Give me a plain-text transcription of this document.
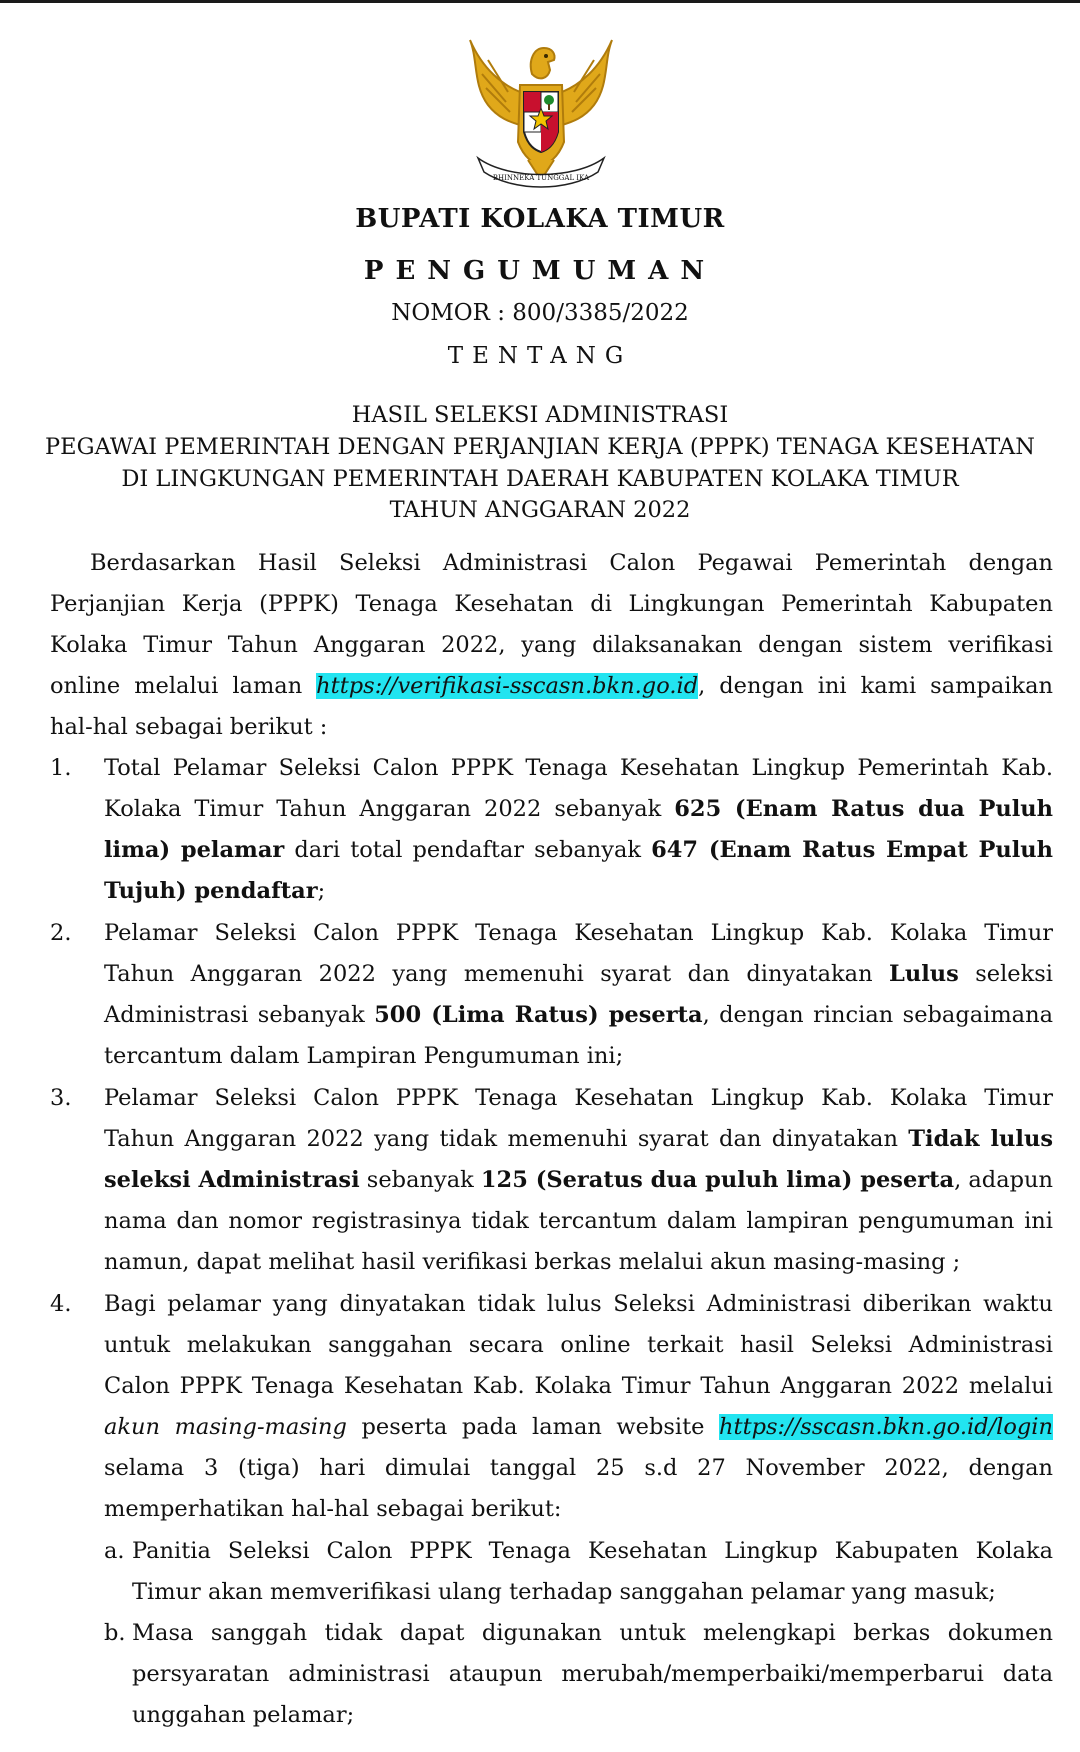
BHINNEKA TUNGGAL IKA
BUPATI KOLAKA TIMUR
PENGUMUMAN
NOMOR : 800/3385/2022
TENTANG
HASIL SELEKSI ADMINISTRASI
PEGAWAI PEMERINTAH DENGAN PERJANJIAN KERJA (PPPK) TENAGA KESEHATAN
DI LINGKUNGAN PEMERINTAH DAERAH KABUPATEN KOLAKA TIMUR
TAHUN ANGGARAN 2022
Berdasarkan Hasil Seleksi Administrasi Calon Pegawai Pemerintah dengan
Perjanjian Kerja (PPPK) Tenaga Kesehatan di Lingkungan Pemerintah Kabupaten
Kolaka Timur Tahun Anggaran 2022, yang dilaksanakan dengan sistem verifikasi
online melalui laman https://verifikasi-sscasn.bkn.go.id, dengan ini kami sampaikan
hal-hal sebagai berikut :
1. Total Pelamar Seleksi Calon PPPK Tenaga Kesehatan Lingkup Pemerintah Kab.
Kolaka Timur Tahun Anggaran 2022 sebanyak 625 (Enam Ratus dua Puluh
lima) pelamar dari total pendaftar sebanyak 647 (Enam Ratus Empat Puluh
Tujuh) pendaftar;
2. Pelamar Seleksi Calon PPPK Tenaga Kesehatan Lingkup Kab. Kolaka Timur
Tahun Anggaran 2022 yang memenuhi syarat dan dinyatakan Lulus seleksi
Administrasi sebanyak 500 (Lima Ratus) peserta, dengan rincian sebagaimana
tercantum dalam Lampiran Pengumuman ini;
3. Pelamar Seleksi Calon PPPK Tenaga Kesehatan Lingkup Kab. Kolaka Timur
Tahun Anggaran 2022 yang tidak memenuhi syarat dan dinyatakan Tidak lulus
seleksi Administrasi sebanyak 125 (Seratus dua puluh lima) peserta, adapun
nama dan nomor registrasinya tidak tercantum dalam lampiran pengumuman ini
namun, dapat melihat hasil verifikasi berkas melalui akun masing-masing ;
4. Bagi pelamar yang dinyatakan tidak lulus Seleksi Administrasi diberikan waktu
untuk melakukan sanggahan secara online terkait hasil Seleksi Administrasi
Calon PPPK Tenaga Kesehatan Kab. Kolaka Timur Tahun Anggaran 2022 melalui
akun masing-masing peserta pada laman website https://sscasn.bkn.go.id/login
selama 3 (tiga) hari dimulai tanggal 25 s.d 27 November 2022, dengan
memperhatikan hal-hal sebagai berikut:
a. Panitia Seleksi Calon PPPK Tenaga Kesehatan Lingkup Kabupaten Kolaka
Timur akan memverifikasi ulang terhadap sanggahan pelamar yang masuk;
b. Masa sanggah tidak dapat digunakan untuk melengkapi berkas dokumen
persyaratan administrasi ataupun merubah/memperbaiki/memperbarui data
unggahan pelamar;
